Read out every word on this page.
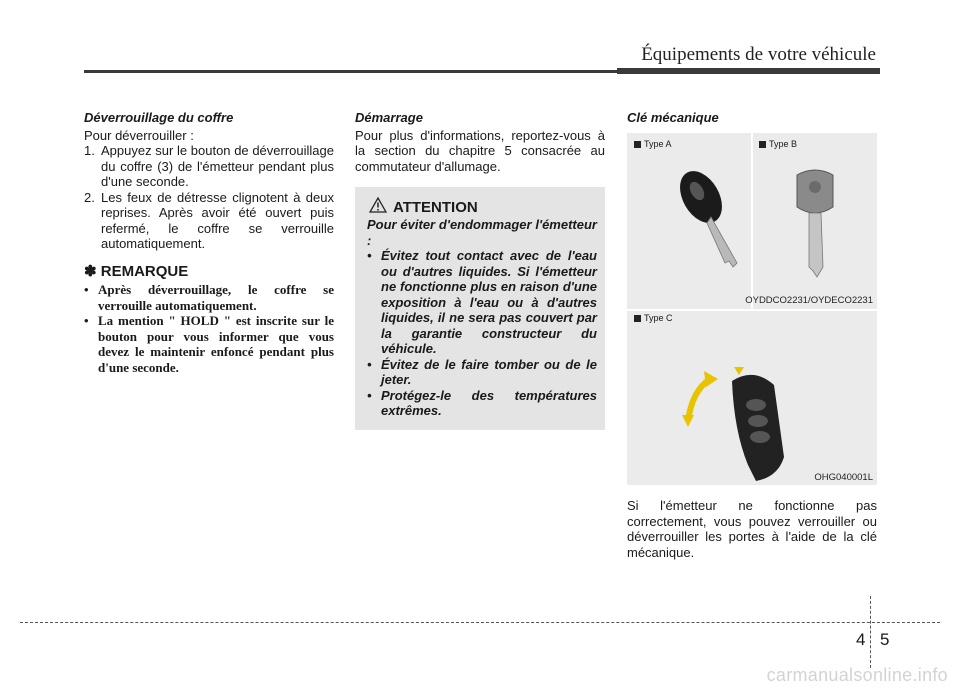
Équipements de votre véhicule

Déverrouillage du coffre

Pour déverrouiller :

1. Appuyez sur le bouton de déverrouillage du coffre (3) de l'émetteur pendant plus d'une seconde.
2. Les feux de détresse clignotent à deux reprises. Après avoir été ouvert puis refermé, le coffre se verrouille automatiquement.
✽ REMARQUE
• Après déverrouillage, le coffre se verrouille automatiquement.
• La mention " HOLD " est inscrite sur le bouton pour vous informer que vous devez le maintenir enfoncé pendant plus d'une seconde.

Démarrage

Pour plus d'informations, reportez-vous à la section du chapitre 5 consacrée au commutateur d'allumage.

ATTENTION

Pour éviter d'endommager l'émetteur :

• Évitez tout contact avec de l'eau ou d'autres liquides. Si l'émetteur ne fonctionne plus en raison d'une exposition à l'eau ou à d'autres liquides, il ne sera pas couvert par la garantie constructeur du véhicule.
• Évitez de le faire tomber ou de le jeter.
• Protégez-le des températures extrêmes.

Clé mécanique

Type A	Type B
Type C
OYDDCO2231/OYDECO2231
OHG040001L
Si l'émetteur ne fonctionne pas correctement, vous pouvez verrouiller ou déverrouiller les portes à l'aide de la clé mécanique.
4 5
carmanualsonline.info
